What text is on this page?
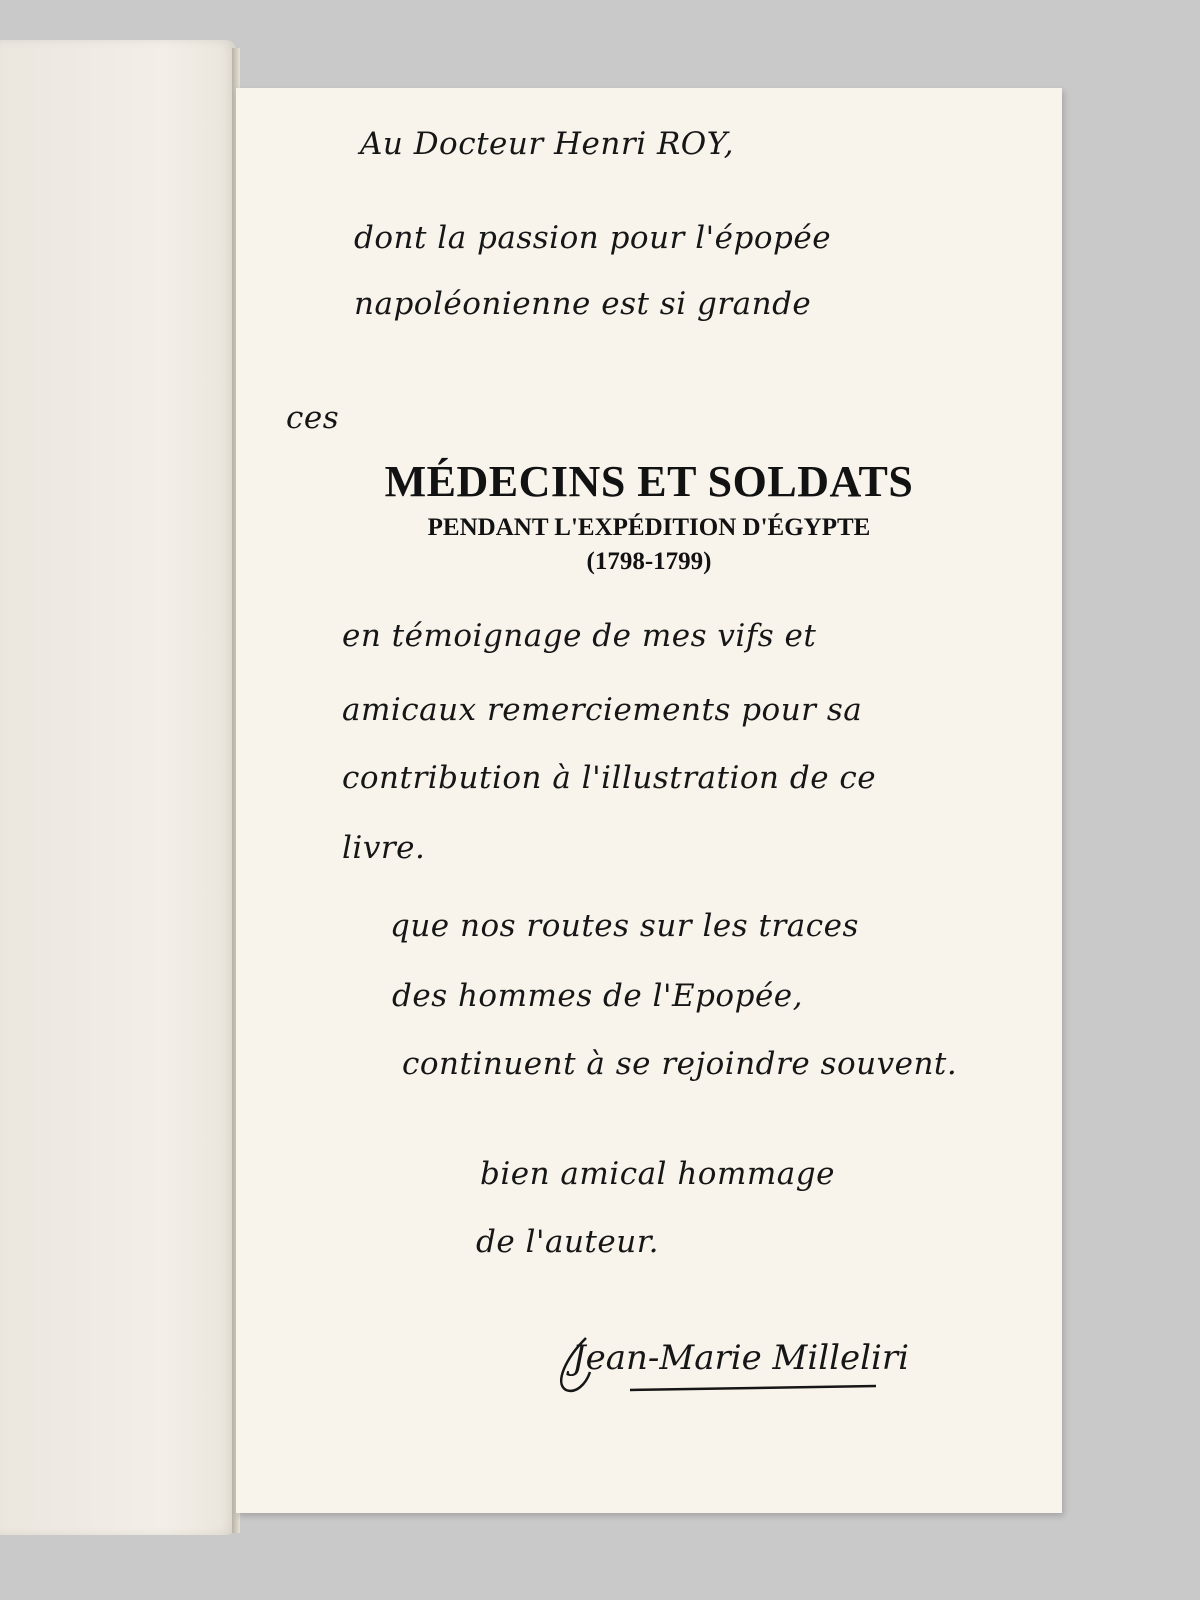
MÉDECINS ET SOLDATS
PENDANT L'EXPÉDITION D'ÉGYPTE
(1798-1799)
Au Docteur Henri ROY,
dont la passion pour l'épopée
napoléonienne est si grande
ces
en témoignage de mes vifs et
amicaux remerciements pour sa
contribution à l'illustration de ce
livre.
que nos routes sur les traces
des hommes de l'Epopée,
continuent à se rejoindre souvent.
bien amical hommage
de l'auteur.
Jean-Marie Milleliri
